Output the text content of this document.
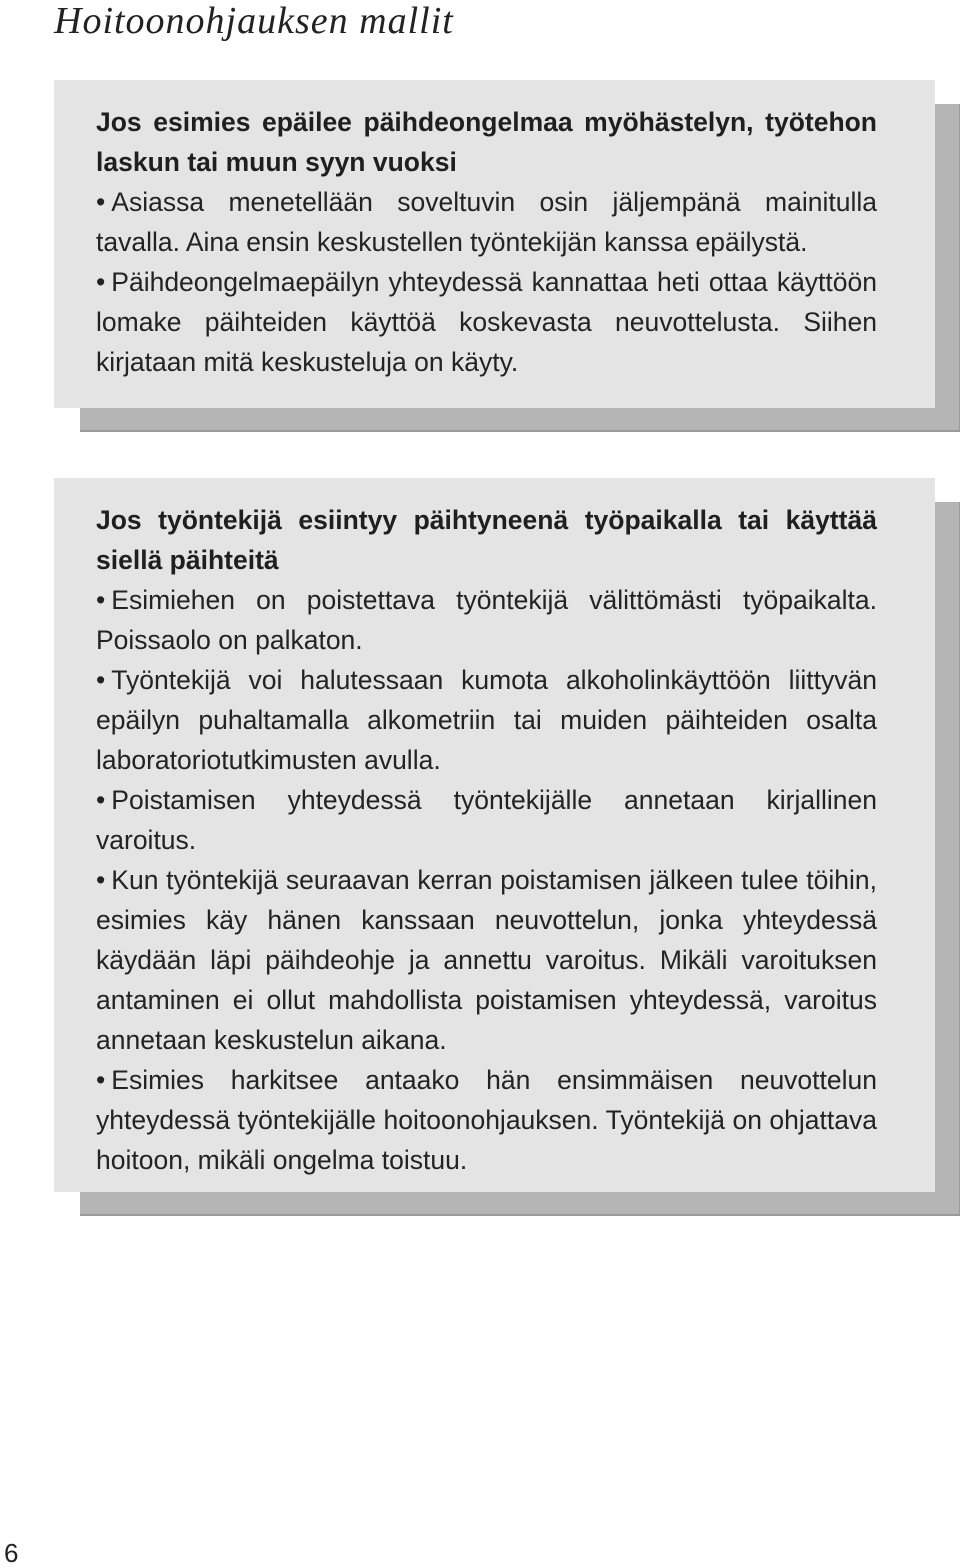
Hoitoonohjauksen mallit

Jos esimies epäilee päihdeongelmaa myöhästelyn, työtehon laskun tai muun syyn vuoksi

• Asiassa menetellään soveltuvin osin jäljempänä mainitulla tavalla. Aina ensin keskustellen työntekijän kanssa epäilystä.

• Päihdeongelmaepäilyn yhteydessä kannattaa heti ottaa käyttöön lomake päihteiden käyttöä koskevasta neuvottelusta. Siihen kirjataan mitä keskusteluja on käyty.

Jos työntekijä esiintyy päihtyneenä työpaikalla tai käyttää siellä päihteitä

• Esimiehen on poistettava työntekijä välittömästi työpaikalta. Poissaolo on palkaton.

• Työntekijä voi halutessaan kumota alkoholinkäyttöön liittyvän epäilyn puhaltamalla alkometriin tai muiden päihteiden osalta laboratoriotutkimusten avulla.

• Poistamisen yhteydessä työntekijälle annetaan kirjallinen varoitus.

• Kun työntekijä seuraavan kerran poistamisen jälkeen tulee töihin, esimies käy hänen kanssaan neuvottelun, jonka yhteydessä käydään läpi päihdeohje ja annettu varoitus. Mikäli varoituksen antaminen ei ollut mahdollista poistamisen yhteydessä, varoitus annetaan keskustelun aikana.

• Esimies harkitsee antaako hän ensimmäisen neuvottelun yhteydessä työntekijälle hoitoonohjauksen. Työntekijä on ohjattava hoitoon, mikäli ongelma toistuu.

6
